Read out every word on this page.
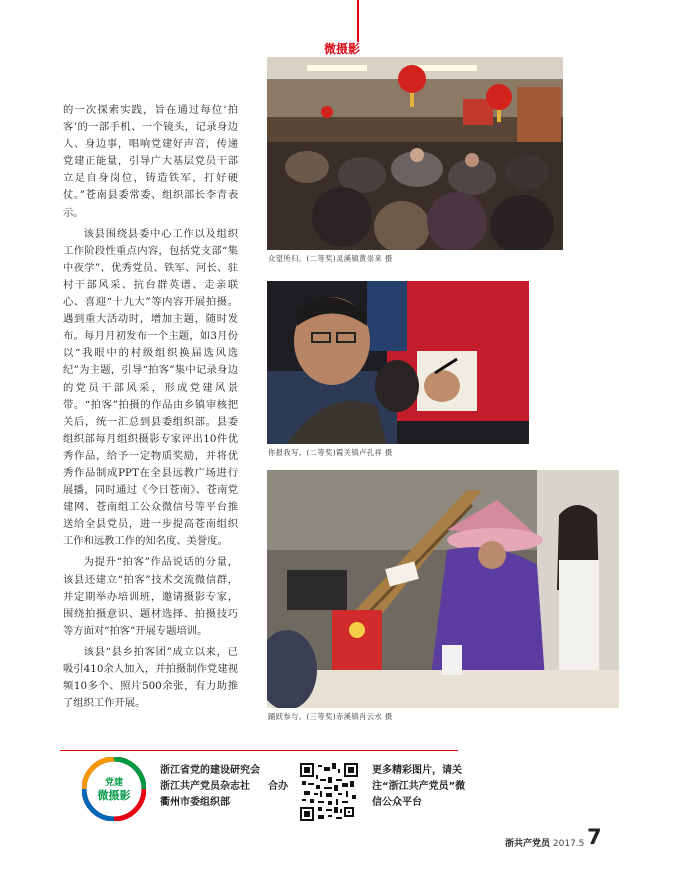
微摄影

的一次探索实践，旨在通过每位‘拍客’的一部手机、一个镜头，记录身边人、身边事，唱响党建好声音，传递党建正能量，引导广大基层党员干部立足自身岗位，铸造铁军，打好硬仗。”苍南县委常委、组织部长李青表示。

该县围绕县委中心工作以及组织工作阶段性重点内容，包括党支部“集中夜学”、优秀党员、铁军、河长、驻村干部风采、抗台群英谱、走亲联心、喜迎“十九大”等内容开展拍摄。遇到重大活动时，增加主题，随时发布。每月月初发布一个主题，如3月份以“我眼中的村级组织换届选风选纪”为主题，引导“拍客”集中记录身边的党员干部风采，形成党建风景带。“拍客”拍摄的作品由乡镇审核把关后，统一汇总到县委组织部。县委组织部每月组织摄影专家评出10件优秀作品，给予一定物质奖励，并将优秀作品制成PPT在全县远教广场进行展播，同时通过《今日苍南》、苍南党建网、苍南组工公众微信号等平台推送给全县党员，进一步提高苍南组织工作和远教工作的知名度、美誉度。

为提升“拍客”作品说话的分量，该县还建立“拍客”技术交流微信群，并定期举办培训班，邀请摄影专家，围绕拍摄意识、题材选择、拍摄技巧等方面对“拍客”开展专题培训。

该县“县乡拍客团”成立以来，已吸引410余人加入，并拍摄制作党建视频10多个、照片500余张，有力助推了组织工作开展。

众望所归。(二等奖)灵溪镇黄崇来 摄
你报我写。(二等奖)霞关镇卢孔祥 摄
踊跃参与。(三等奖)赤溪镇肖云水 摄
党建
微摄影
浙江省党的建设研究会
浙江共产党员杂志社
衢州市委组织部
合办
更多精彩图片，请关注“浙江共产党员”微信公众平台
浙共产党员 2017.5 7
